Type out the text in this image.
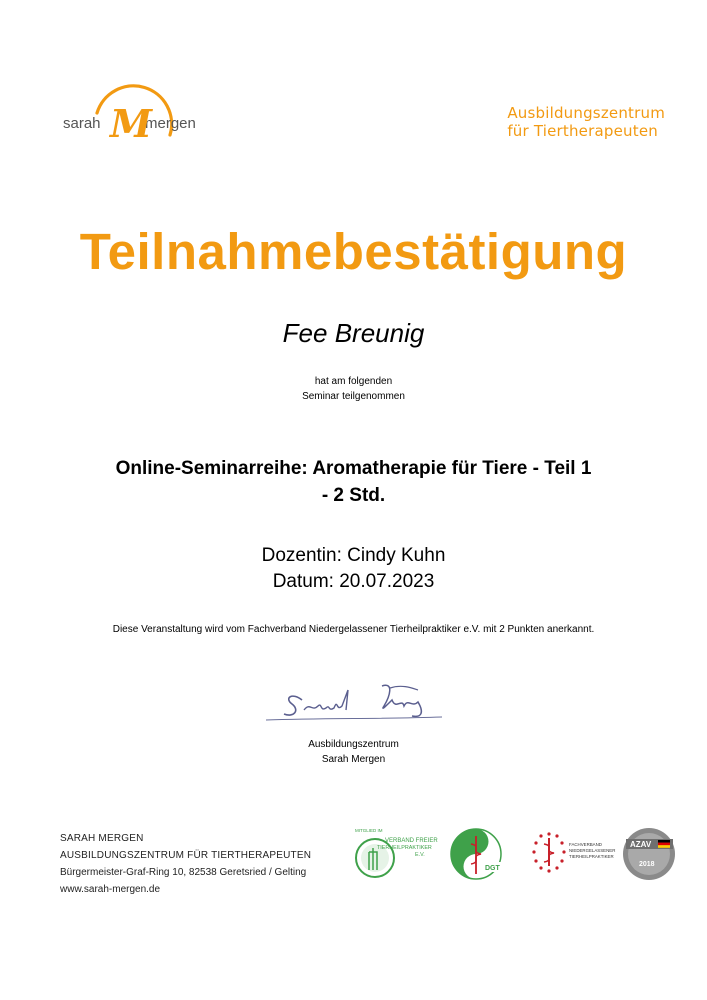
sarah	mergen
M	Ausbildungszentrum
für Tiertherapeuten
Teilnahmebestätigung
Fee Breunig
hat am folgenden
Seminar teilgenommen
Online-Seminarreihe: Aromatherapie für Tiere - Teil 1
- 2 Std.
Dozentin: Cindy Kuhn
Datum: 20.07.2023
Diese Veranstaltung wird vom Fachverband Niedergelassener Tierheilpraktiker e.V. mit 2 Punkten anerkannt.
Ausbildungszentrum
Sarah Mergen
SARAH MERGEN
AUSBILDUNGSZENTRUM FÜR TIERTHERAPEUTEN
Bürgermeister-Graf-Ring 10, 82538 Geretsried / Gelting
www.sarah-mergen.de
MITGLIED IM
VERBAND FREIER
TIERHEILPRAKTIKER
E.V.
DGT
FACHVERBAND
NIEDERGELASSENER
TIERHEILPRAKTIKER
AZAV
2018
